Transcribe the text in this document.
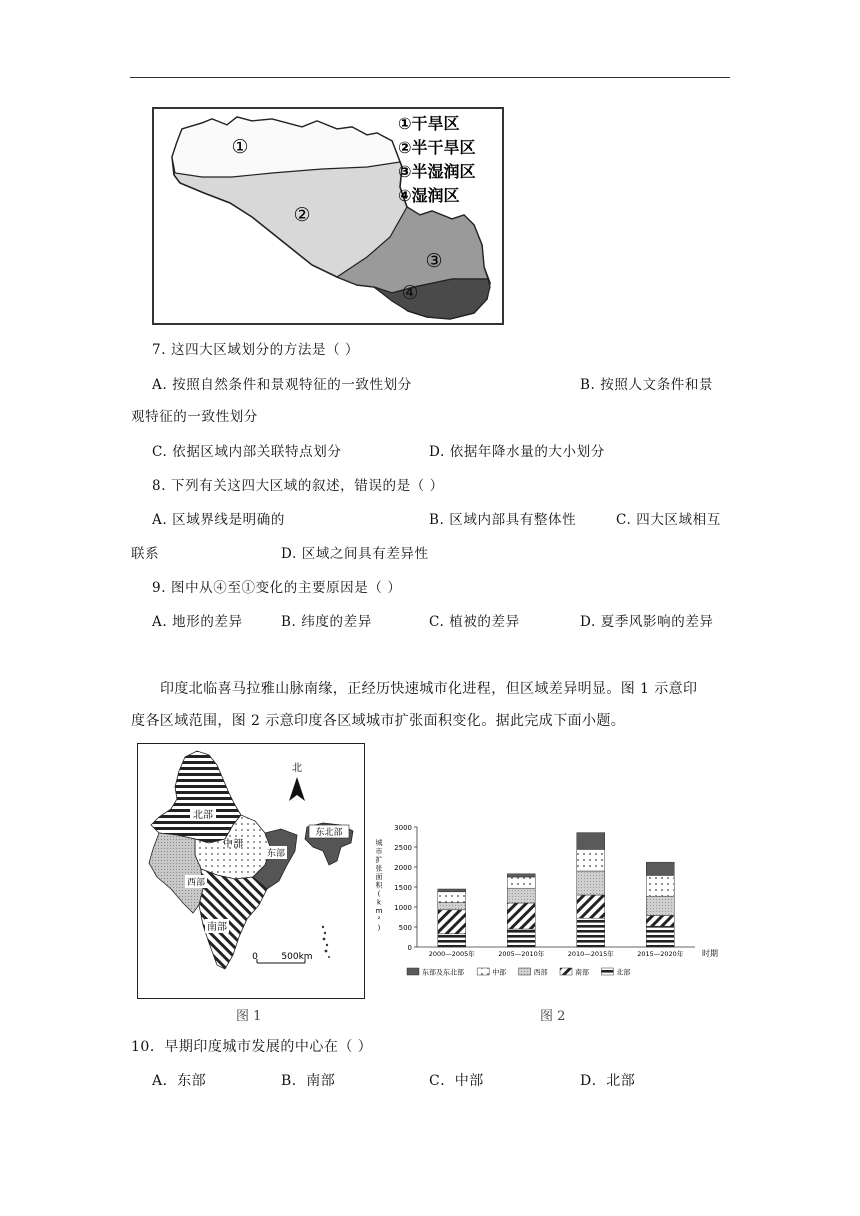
①
②
③
④
①干旱区
②半干旱区
③半湿润区
④湿润区
7. 这四大区域划分的方法是（ ）
A. 按照自然条件和景观特征的一致性划分	B. 按照人文条件和景
观特征的一致性划分
C. 依据区域内部关联特点划分	D. 依据年降水量的大小划分
8. 下列有关这四大区域的叙述，错误的是（ ）
A. 区域界线是明确的	B. 区域内部具有整体性	C. 四大区域相互
联系	D. 区域之间具有差异性
9. 图中从④至①变化的主要原因是（ ）
A. 地形的差异	B. 纬度的差异	C. 植被的差异	D. 夏季风影响的差异
印度北临喜马拉雅山脉南缘，正经历快速城市化进程，但区域差异明显。图 1 示意印
度各区域范围，图 2 示意印度各区域城市扩张面积变化。据此完成下面小题。
北部
中部
东部
东北部
西部
南部
北
0	500km
图 1
城
市
扩
张
面
积
(
k
m
²
)
0
500
1000
1500
2000
2500
3000
2000—2005年	2005—2010年	2010—2015年	2015—2020年 时期
东部及东北部	中部	西部	南部	北部
图 2
10．早期印度城市发展的中心在（ ）
A．东部	B．南部	C．中部	D．北部
